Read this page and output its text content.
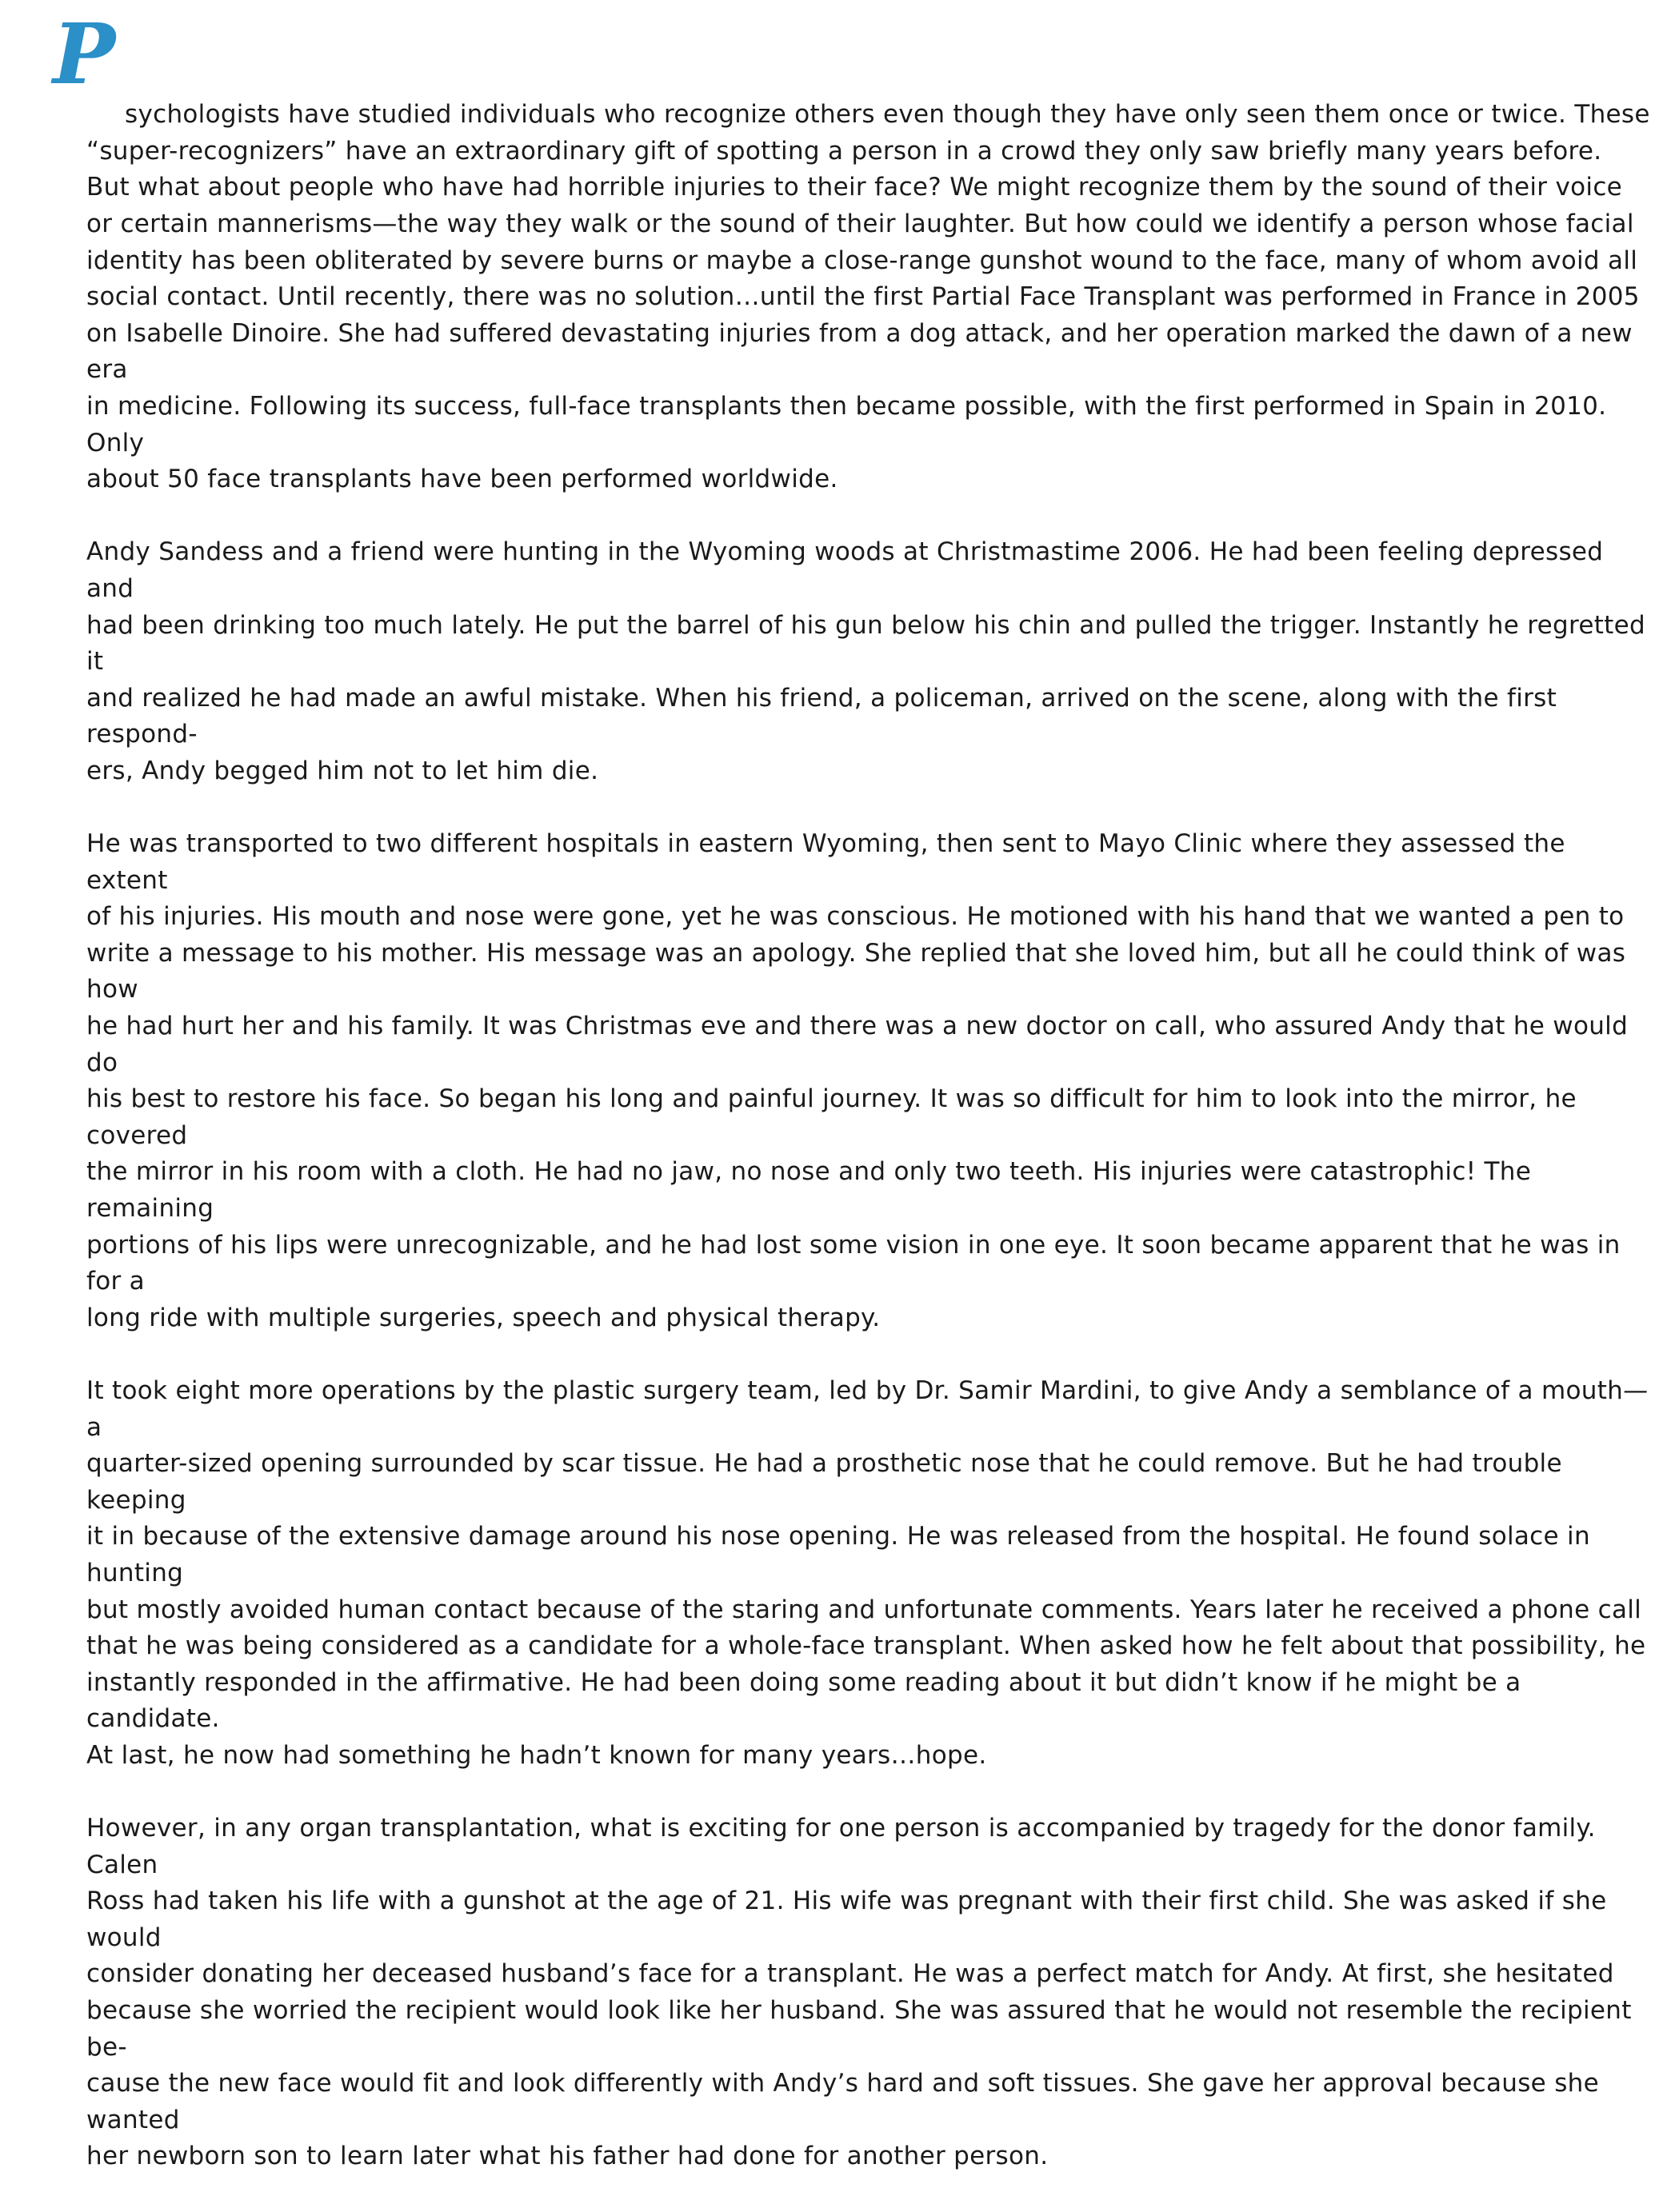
P

sychologists have studied individuals who recognize others even though they have only seen them once or twice. These
“super-recognizers” have an extraordinary gift of spotting a person in a crowd they only saw briefly many years before.
But what about people who have had horrible injuries to their face? We might recognize them by the sound of their voice
or certain mannerisms—the way they walk or the sound of their laughter. But how could we identify a person whose facial
identity has been obliterated by severe burns or maybe a close-range gunshot wound to the face, many of whom avoid all
social contact. Until recently, there was no solution…until the first Partial Face Transplant was performed in France in 2005
on Isabelle Dinoire. She had suffered devastating injuries from a dog attack, and her operation marked the dawn of a new era
in medicine. Following its success, full-face transplants then became possible, with the first performed in Spain in 2010. Only
about 50 face transplants have been performed worldwide.

Andy Sandess and a friend were hunting in the Wyoming woods at Christmastime 2006. He had been feeling depressed and
had been drinking too much lately. He put the barrel of his gun below his chin and pulled the trigger. Instantly he regretted it
and realized he had made an awful mistake. When his friend, a policeman, arrived on the scene, along with the first respond-
ers, Andy begged him not to let him die.
He was transported to two different hospitals in eastern Wyoming, then sent to Mayo Clinic where they assessed the extent
of his injuries. His mouth and nose were gone, yet he was conscious. He motioned with his hand that we wanted a pen to
write a message to his mother. His message was an apology. She replied that she loved him, but all he could think of was how
he had hurt her and his family. It was Christmas eve and there was a new doctor on call, who assured Andy that he would do
his best to restore his face. So began his long and painful journey. It was so difficult for him to look into the mirror, he covered
the mirror in his room with a cloth. He had no jaw, no nose and only two teeth. His injuries were catastrophic! The remaining
portions of his lips were unrecognizable, and he had lost some vision in one eye. It soon became apparent that he was in for a
long ride with multiple surgeries, speech and physical therapy.
It took eight more operations by the plastic surgery team, led by Dr. Samir Mardini, to give Andy a semblance of a mouth—a
quarter-sized opening surrounded by scar tissue. He had a prosthetic nose that he could remove. But he had trouble keeping
it in because of the extensive damage around his nose opening. He was released from the hospital. He found solace in hunting
but mostly avoided human contact because of the staring and unfortunate comments. Years later he received a phone call
that he was being considered as a candidate for a whole-face transplant. When asked how he felt about that possibility, he
instantly responded in the affirmative. He had been doing some reading about it but didn’t know if he might be a candidate.
At last, he now had something he hadn’t known for many years…hope.
However, in any organ transplantation, what is exciting for one person is accompanied by tragedy for the donor family. Calen
Ross had taken his life with a gunshot at the age of 21. His wife was pregnant with their first child. She was asked if she would
consider donating her deceased husband’s face for a transplant. He was a perfect match for Andy. At first, she hesitated
because she worried the recipient would look like her husband. She was assured that he would not resemble the recipient be-
cause the new face would fit and look differently with Andy’s hard and soft tissues. She gave her approval because she wanted
her newborn son to learn later what his father had done for another person.
